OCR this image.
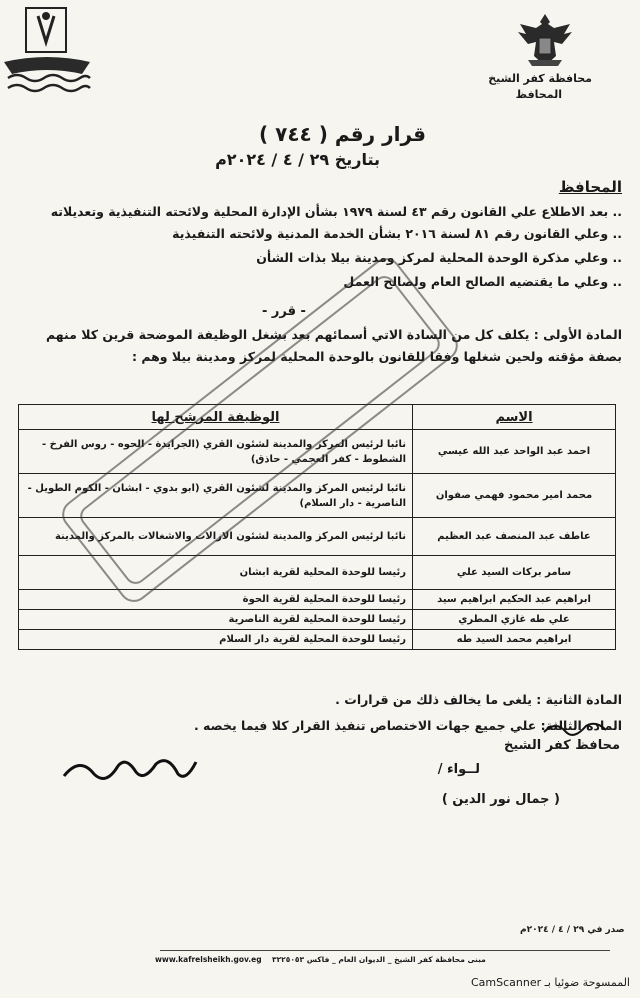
محافظة كفر الشيخ
المحافظ
قرار رقم ( ٧٤٤ )
بتاريخ ٢٩ / ٤ / ٢٠٢٤م
المحافظ
.. بعد الاطلاع علي القانون رقم ٤٣ لسنة ١٩٧٩ بشأن الإدارة المحلية ولائحته التنفيذية وتعديلاته
.. وعلي القانون رقم ٨١ لسنة ٢٠١٦ بشأن الخدمة المدنية ولائحته التنفيذية
.. وعلي مذكرة الوحدة المحلية لمركز ومدينة بيلا بذات الشأن
.. وعلي ما يقتضيه الصالح العام ولصالح العمل
- قرر -
المادة الأولى : يكلف كل من السادة الاتي أسمائهم بعد بشغل الوظيفة الموضحة قرين كلا منهم بصفة مؤقته ولحين شغلها وفقا للقانون بالوحدة المحلية لمركز ومدينة بيلا وهم :
الاسم	الوظيفة المرشح لها
احمد عبد الواحد عبد الله عيسي	نائبا لرئيس المركز والمدينة لشئون القري (الجرايدة - الحوه - روس الفرخ - الشطوط - كفر العجمي - حاذق)
محمد امير محمود فهمي صفوان	نائبا لرئيس المركز والمدينة لشئون القري (ابو بدوي - ابشان - الكوم الطويل - الناصرية - دار السلام)
عاطف عبد المنصف عبد العظيم	نائبا لرئيس المركز والمدينة لشئون الازالات والاشغالات بالمركز والمدينة
سامر بركات السيد علي	رئيسا للوحدة المحلية لقرية ابشان
ابراهيم عبد الحكيم ابراهيم سيد	رئيسا للوحدة المحلية لقرية الحوة
علي طه غازي المطري	رئيسا للوحدة المحلية لقرية الناصرية
ابراهيم محمد السيد طه	رئيسا للوحدة المحلية لقرية دار السلام
المادة الثانية : يلغى ما يخالف ذلك من قرارات .
المادة الثالثة: علي جميع جهات الاختصاص تنفيذ القرار كلا فيما يخصه .
محافظ كفر الشيخ
لــواء /
( جمال نور الدين )
صدر في ٢٩ / ٤ / ٢٠٢٤م
www.kafrelsheikh.gov.eg مبنى محافظة كفر الشيخ _ الديوان العام _ فاكس ٣٢٢٥٠٥٣
الممسوحة ضوئيا بـ CamScanner
